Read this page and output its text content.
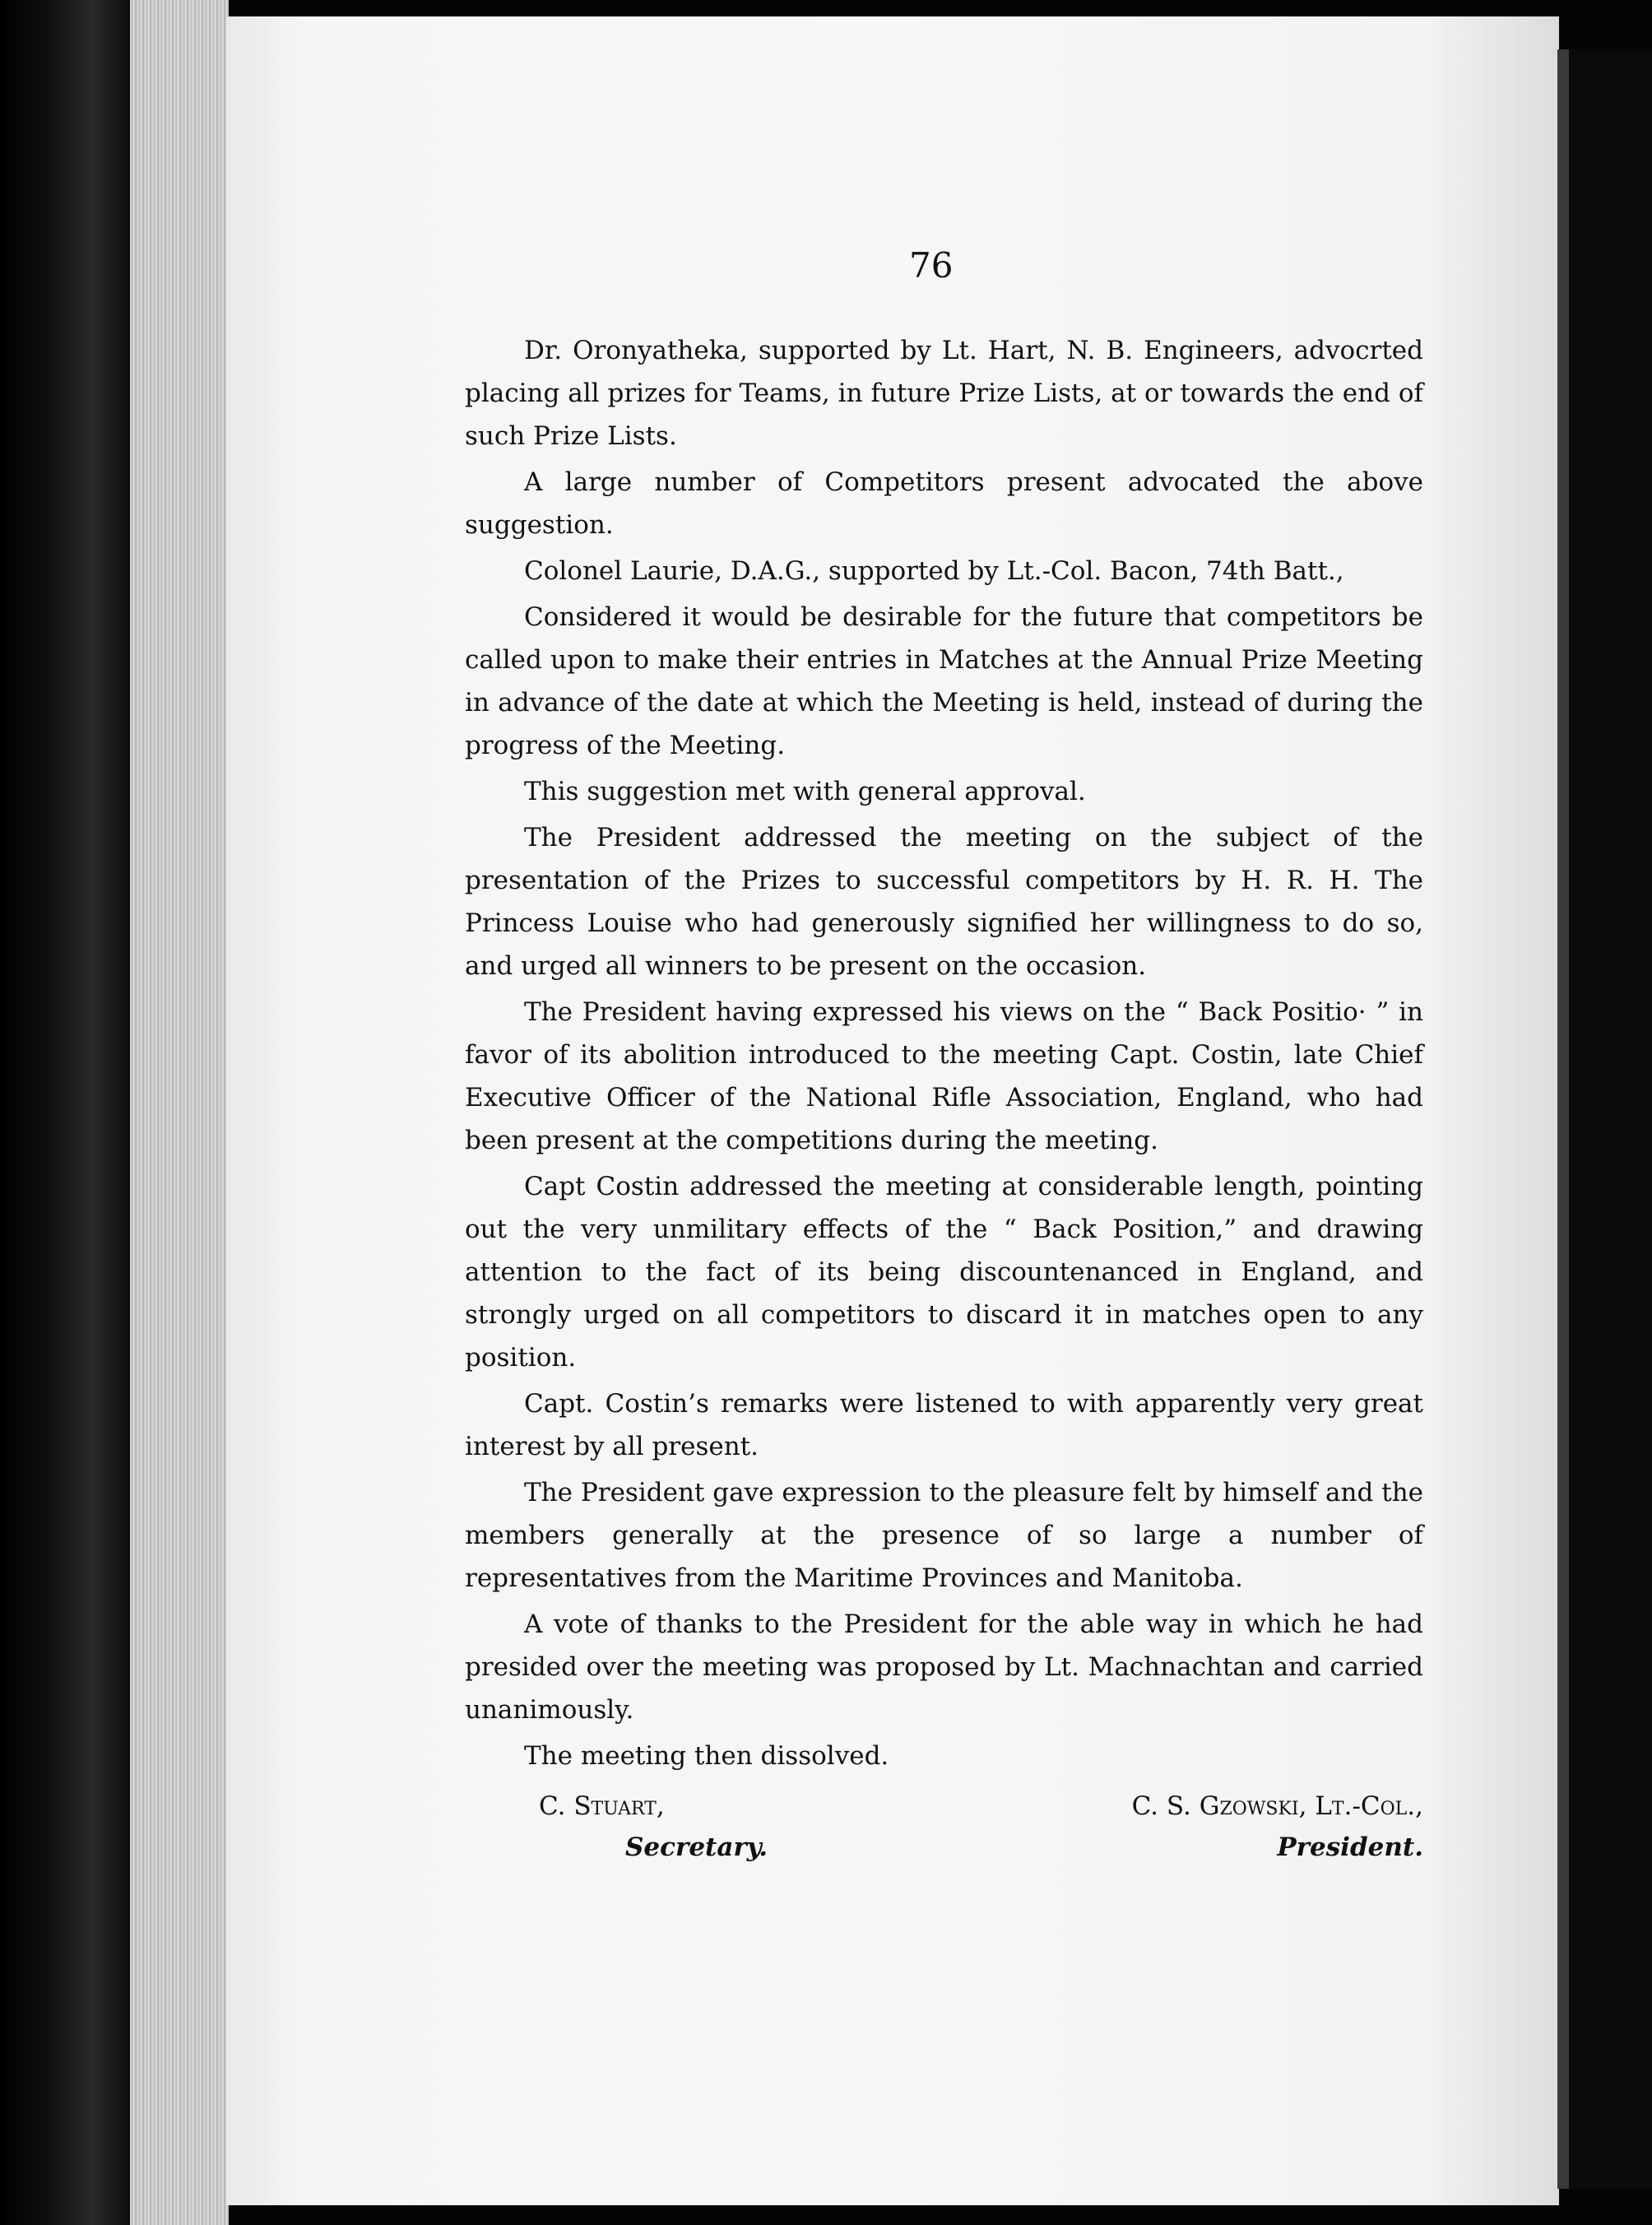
76

Dr. Oronyatheka, supported by Lt. Hart, N. B. Engineers, advocrted placing all prizes for Teams, in future Prize Lists, at or towards the end of such Prize Lists.

A large number of Competitors present advocated the above suggestion.

Colonel Laurie, D.A.G., supported by Lt.-Col. Bacon, 74th Batt.,

Considered it would be desirable for the future that competitors be called upon to make their entries in Matches at the Annual Prize Meeting in advance of the date at which the Meeting is held, instead of during the progress of the Meeting.

This suggestion met with general approval.

The President addressed the meeting on the subject of the presentation of the Prizes to successful competitors by H. R. H. The Princess Louise who had generously signified her willingness to do so, and urged all winners to be present on the occasion.

The President having expressed his views on the “ Back Positio· ” in favor of its abolition introduced to the meeting Capt. Costin, late Chief Executive Officer of the National Rifle Association, England, who had been present at the competitions during the meeting.

Capt Costin addressed the meeting at considerable length, pointing out the very unmilitary effects of the “ Back Position,” and drawing attention to the fact of its being discountenanced in England, and strongly urged on all competitors to discard it in matches open to any position.

Capt. Costin’s remarks were listened to with apparently very great interest by all present.

The President gave expression to the pleasure felt by himself and the members generally at the presence of so large a number of representatives from the Maritime Provinces and Manitoba.

A vote of thanks to the President for the able way in which he had presided over the meeting was proposed by Lt. Machnachtan and carried unanimously.

The meeting then dissolved.

C. Stuart,
Secretary.
C. S. Gzowski, Lt.-Col.,
President.
